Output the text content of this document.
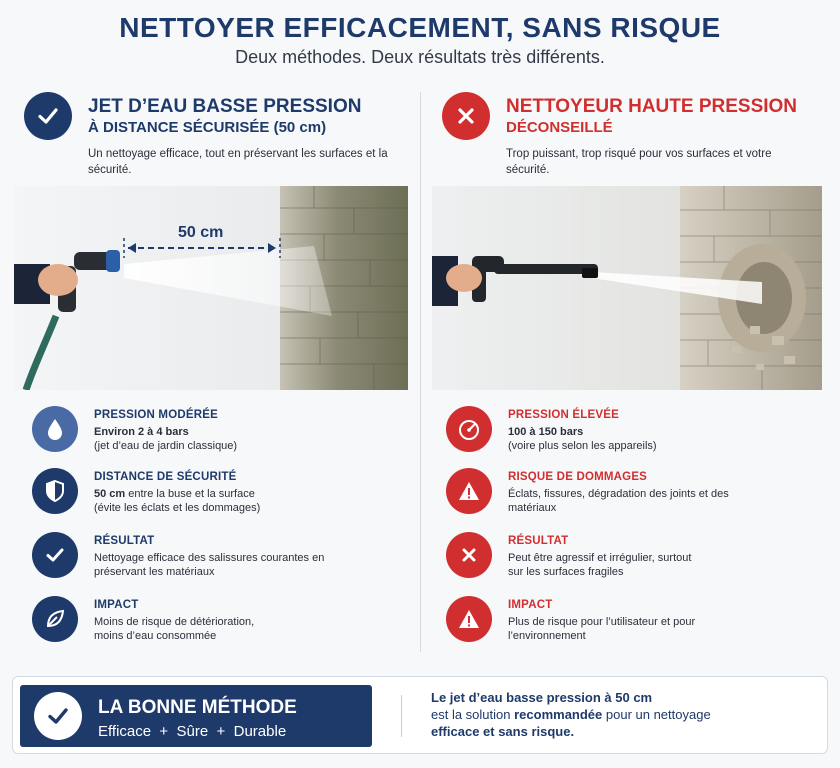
NETTOYER EFFICACEMENT, SANS RISQUE

Deux méthodes. Deux résultats très différents.

JET D’EAU BASSE PRESSION
À DISTANCE SÉCURISÉE (50 cm)
Un nettoyage efficace, tout en préservant les surfaces et la sécurité.
50 cm
PRESSION MODÉRÉE
Environ 2 à 4 bars
(jet d’eau de jardin classique)
DISTANCE DE SÉCURITÉ
50 cm entre la buse et la surface
(évite les éclats et les dommages)
RÉSULTAT
Nettoyage efficace des salissures courantes en préservant les matériaux
IMPACT
Moins de risque de détérioration, moins d’eau consommée
NETTOYEUR HAUTE PRESSION
DÉCONSEILLÉ
Trop puissant, trop risqué pour vos surfaces et votre sécurité.
PRESSION ÉLEVÉE
100 à 150 bars
(voire plus selon les appareils)
RISQUE DE DOMMAGES
Éclats, fissures, dégradation des joints et des matériaux
RÉSULTAT
Peut être agressif et irrégulier, surtout sur les surfaces fragiles
IMPACT
Plus de risque pour l’utilisateur et pour l’environnement
LA BONNE MÉTHODE
Efficace  +  Sûre  +  Durable
Le jet d’eau basse pression à 50 cm
est la solution recommandée pour un nettoyage
efficace et sans risque.
